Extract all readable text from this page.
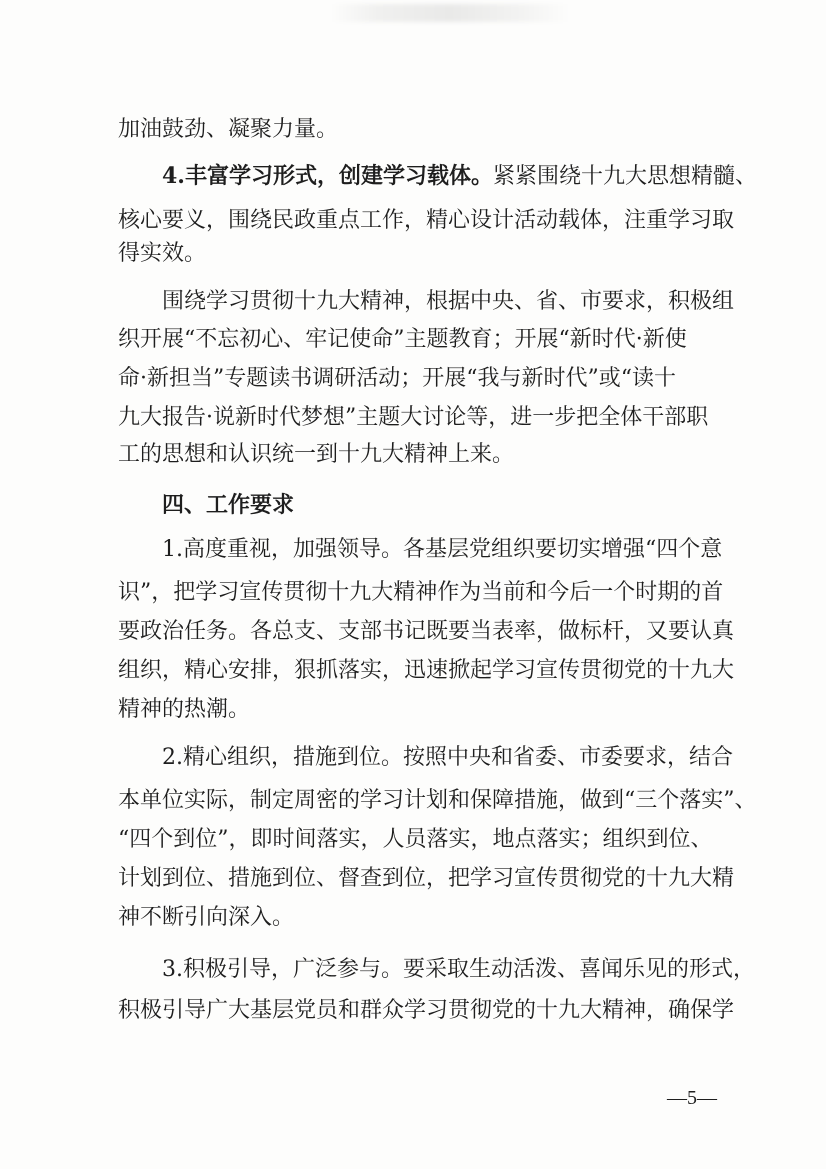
加油鼓劲、凝聚力量。
4.丰富学习形式，创建学习载体。紧紧围绕十九大思想精髓、
核心要义，围绕民政重点工作，精心设计活动载体，注重学习取
得实效。
围绕学习贯彻十九大精神，根据中央、省、市要求，积极组
织开展“不忘初心、牢记使命”主题教育；开展“新时代·新使
命·新担当”专题读书调研活动；开展“我与新时代”或“读十
九大报告·说新时代梦想”主题大讨论等，进一步把全体干部职
工的思想和认识统一到十九大精神上来。
四、工作要求
1.高度重视，加强领导。各基层党组织要切实增强“四个意
识”，把学习宣传贯彻十九大精神作为当前和今后一个时期的首
要政治任务。各总支、支部书记既要当表率，做标杆，又要认真
组织，精心安排，狠抓落实，迅速掀起学习宣传贯彻党的十九大
精神的热潮。
2.精心组织，措施到位。按照中央和省委、市委要求，结合
本单位实际，制定周密的学习计划和保障措施，做到“三个落实”、
“四个到位”，即时间落实，人员落实，地点落实；组织到位、
计划到位、措施到位、督查到位，把学习宣传贯彻党的十九大精
神不断引向深入。
3.积极引导，广泛参与。要采取生动活泼、喜闻乐见的形式，
积极引导广大基层党员和群众学习贯彻党的十九大精神，确保学
—5—
